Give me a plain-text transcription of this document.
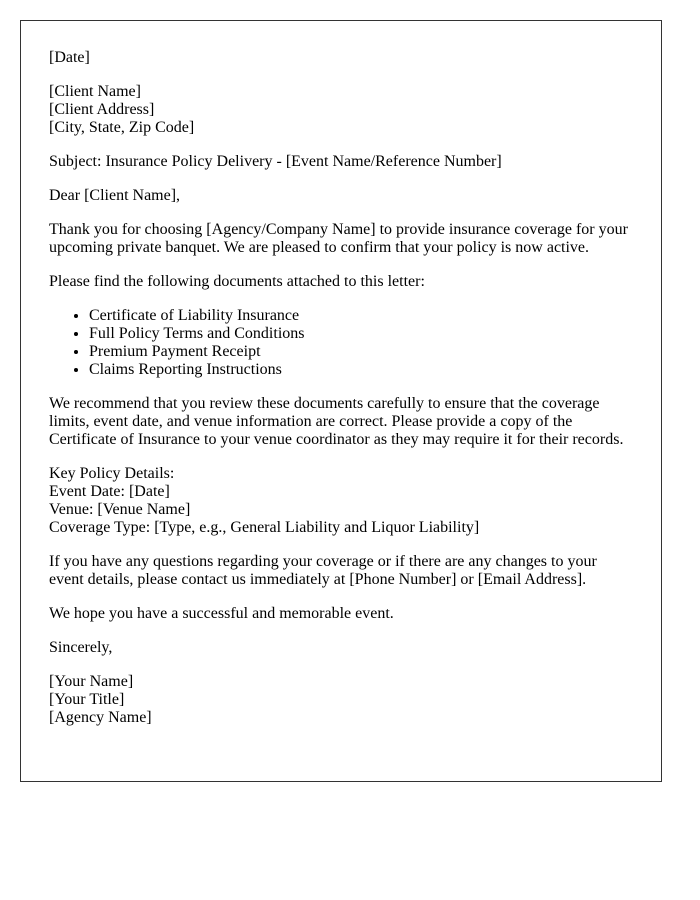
[Date]

[Client Name]
[Client Address]
[City, State, Zip Code]

Subject: Insurance Policy Delivery - [Event Name/Reference Number]

Dear [Client Name],

Thank you for choosing [Agency/Company Name] to provide insurance coverage for your upcoming private banquet. We are pleased to confirm that your policy is now active.

Please find the following documents attached to this letter:

• Certificate of Liability Insurance
• Full Policy Terms and Conditions
• Premium Payment Receipt
• Claims Reporting Instructions

We recommend that you review these documents carefully to ensure that the coverage limits, event date, and venue information are correct. Please provide a copy of the Certificate of Insurance to your venue coordinator as they may require it for their records.

Key Policy Details:
Event Date: [Date]
Venue: [Venue Name]
Coverage Type: [Type, e.g., General Liability and Liquor Liability]

If you have any questions regarding your coverage or if there are any changes to your event details, please contact us immediately at [Phone Number] or [Email Address].

We hope you have a successful and memorable event.

Sincerely,

[Your Name]
[Your Title]
[Agency Name]
